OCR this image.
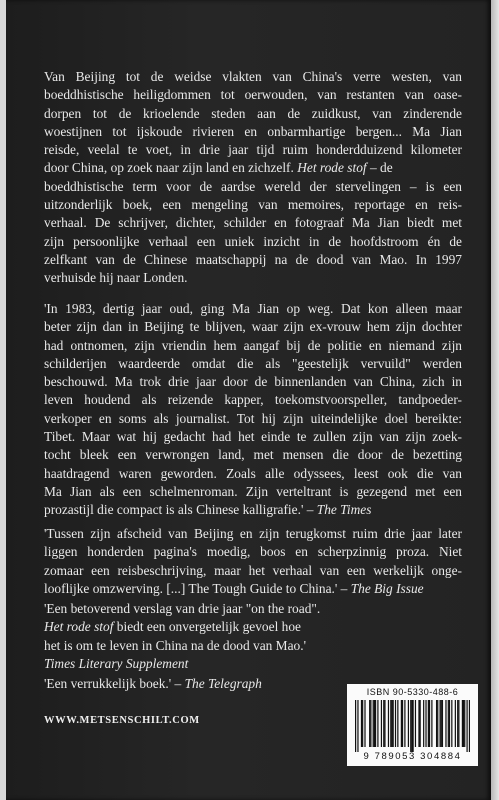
Van Beijing tot de weidse vlakten van China's verre westen, van
boeddhistische heiligdommen tot oerwouden, van restanten van oase-
dorpen tot de krioelende steden aan de zuidkust, van zinderende
woestijnen tot ijskoude rivieren en onbarmhartige bergen... Ma Jian
reisde, veelal te voet, in drie jaar tijd ruim honderdduizend kilometer
door China, op zoek naar zijn land en zichzelf. Het rode stof – de
boeddhistische term voor de aardse wereld der stervelingen – is een
uitzonderlijk boek, een mengeling van memoires, reportage en reis-
verhaal. De schrijver, dichter, schilder en fotograaf Ma Jian biedt met
zijn persoonlijke verhaal een uniek inzicht in de hoofdstroom én de
zelfkant van de Chinese maatschappij na de dood van Mao. In 1997
verhuisde hij naar Londen.
'In 1983, dertig jaar oud, ging Ma Jian op weg. Dat kon alleen maar
beter zijn dan in Beijing te blijven, waar zijn ex-vrouw hem zijn dochter
had ontnomen, zijn vriendin hem aangaf bij de politie en niemand zijn
schilderijen waardeerde omdat die als "geestelijk vervuild" werden
beschouwd. Ma trok drie jaar door de binnenlanden van China, zich in
leven houdend als reizende kapper, toekomstvoorspeller, tandpoeder-
verkoper en soms als journalist. Tot hij zijn uiteindelijke doel bereikte:
Tibet. Maar wat hij gedacht had het einde te zullen zijn van zijn zoek-
tocht bleek een verwrongen land, met mensen die door de bezetting
haatdragend waren geworden. Zoals alle odyssees, leest ook die van
Ma Jian als een schelmenroman. Zijn verteltrant is gezegend met een
prozastijl die compact is als Chinese kalligrafie.' – The Times
'Tussen zijn afscheid van Beijing en zijn terugkomst ruim drie jaar later
liggen honderden pagina's moedig, boos en scherpzinnig proza. Niet
zomaar een reisbeschrijving, maar het verhaal van een werkelijk onge-
looflijke omzwerving. [...] The Tough Guide to China.' – The Big Issue
'Een betoverend verslag van drie jaar "on the road".
Het rode stof biedt een onvergetelijk gevoel hoe
het is om te leven in China na de dood van Mao.'
Times Literary Supplement
'Een verrukkelijk boek.' – The Telegraph
WWW.METSENSCHILT.COM
ISBN 90-5330-488-6
9 789053 304884
